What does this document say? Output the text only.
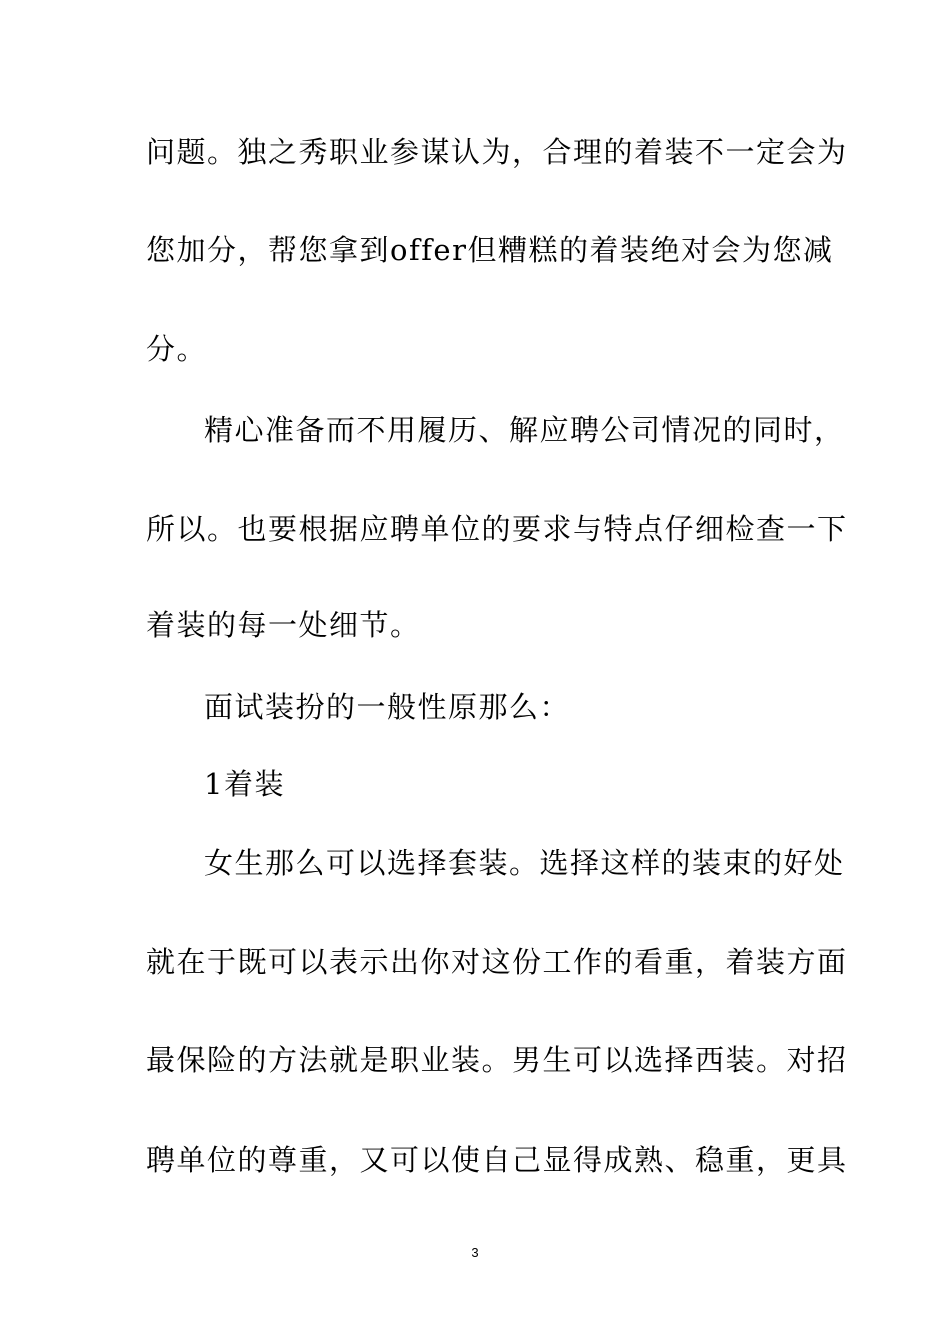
问题。独之秀职业参谋认为，合理的着装不一定会为
您加分，帮您拿到offer但糟糕的着装绝对会为您减
分。
精心准备而不用履历、解应聘公司情况的同时，
所以。也要根据应聘单位的要求与特点仔细检查一下
着装的每一处细节。
面试装扮的一般性原那么：
1着装
女生那么可以选择套装。选择这样的装束的好处
就在于既可以表示出你对这份工作的看重，着装方面
最保险的方法就是职业装。男生可以选择西装。对招
聘单位的尊重，又可以使自己显得成熟、稳重，更具
3
